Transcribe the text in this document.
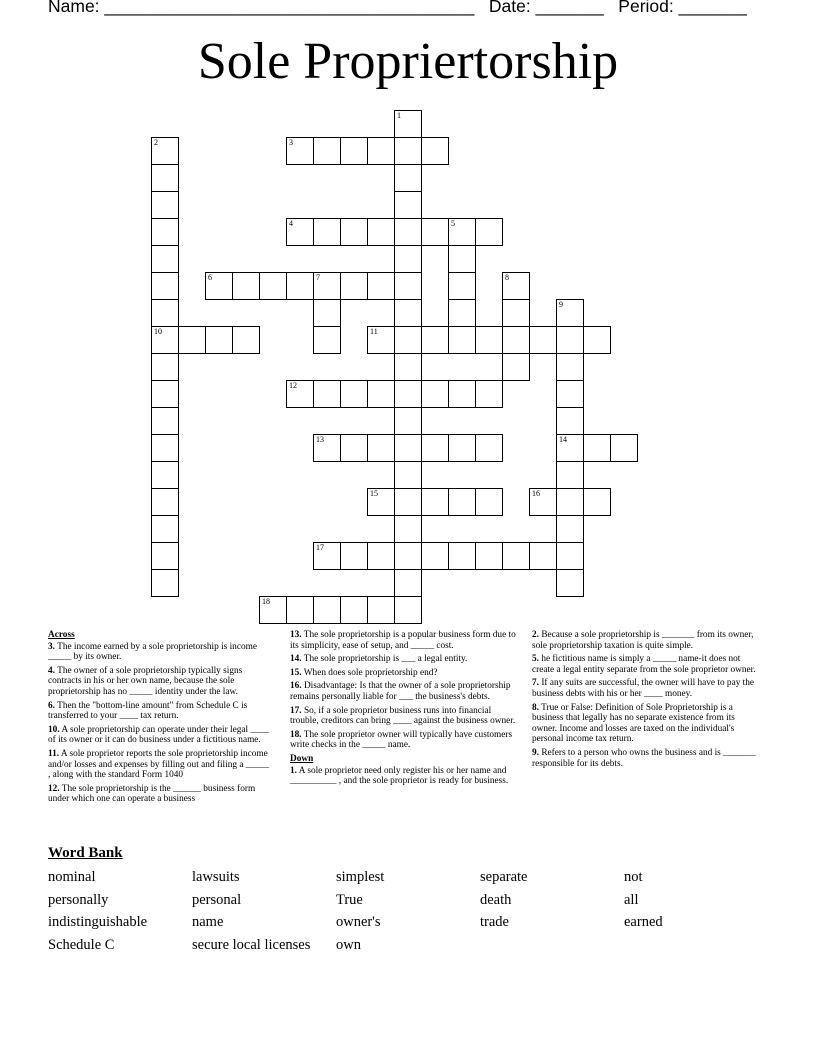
Name: ______________________________________ Date: _______ Period: _______
Sole Propriertorship
1
2
10
3
4	5
6	7	8
9
14
11
12
13
15	16
17
18
Across
3. The income earned by a sole proprietorship is income _____ by its owner.
4. The owner of a sole proprietorship typically signs contracts in his or her own name, because the sole proprietorship has no _____ identity under the law.
6. Then the "bottom-line amount" from Schedule C is transferred to your ____ tax return.
10. A sole proprietorship can operate under their legal ____ of its owner or it can do business under a fictitious name.
11. A sole proprietor reports the sole proprietorship income and/or losses and expenses by filling out and filing a _____ , along with the standard Form 1040
12. The sole proprietorship is the ______ business form under which one can operate a business
13. The sole proprietorship is a popular business form due to its simplicity, ease of setup, and _____ cost.
14. The sole proprietorship is ___ a legal entity.
15. When does sole proprietorship end?
16. Disadvantage: Is that the owner of a sole proprietorship remains personally liable for ___ the business's debts.
17. So, if a sole proprietor business runs into financial trouble, creditors can bring ____ against the business owner.
18. The sole proprietor owner will typically have customers write checks in the _____ name.
Down
1. A sole proprietor need only register his or her name and __________ , and the sole proprietor is ready for business.
2. Because a sole proprietorship is _______ from its owner, sole proprietorship taxation is quite simple.
5. he fictitious name is simply a _____ name-it does not create a legal entity separate from the sole proprietor owner.
7. If any suits are successful, the owner will have to pay the business debts with his or her ____ money.
8. True or False: Definition of Sole Proprietorship is a business that legally has no separate existence from its owner. Income and losses are taxed on the individual's personal income tax return.
9. Refers to a person who owns the business and is _______ responsible for its debts.
Word Bank
nominal	lawsuits	simplest	separate	not
personally	personal	True	death	all
indistinguishable	name	owner's	trade	earned
Schedule C	secure local licenses	own
